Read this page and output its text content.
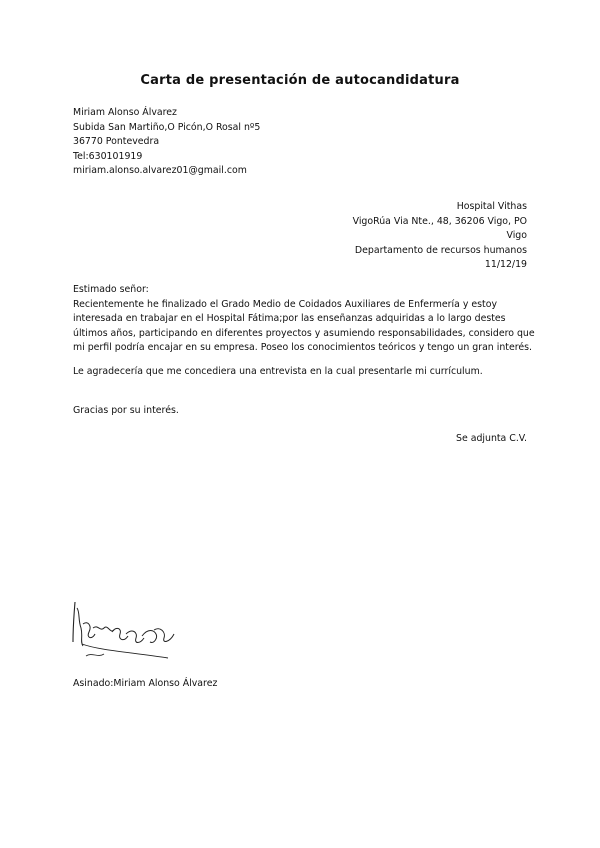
Carta de presentación de autocandidatura
Miriam Alonso Álvarez
Subida San Martiño,O Picón,O Rosal nº5
36770 Pontevedra
Tel:630101919
miriam.alonso.alvarez01@gmail.com
Hospital Vithas
VigoRúa Via Nte., 48, 36206 Vigo, PO
Vigo
Departamento de recursos humanos
11/12/19
Estimado señor:
Recientemente he finalizado el Grado Medio de Coidados Auxiliares de Enfermería y estoy
interesada en trabajar en el Hospital Fátima;por las enseñanzas adquiridas a lo largo destes
últimos años, participando en diferentes proyectos y asumiendo responsabilidades, considero que
mi perfil podría encajar en su empresa. Poseo los conocimientos teóricos y tengo un gran interés.
Le agradecería que me concediera una entrevista en la cual presentarle mi currículum.
Gracias por su interés.
Se adjunta C.V.
Asinado:Miriam Alonso Álvarez
